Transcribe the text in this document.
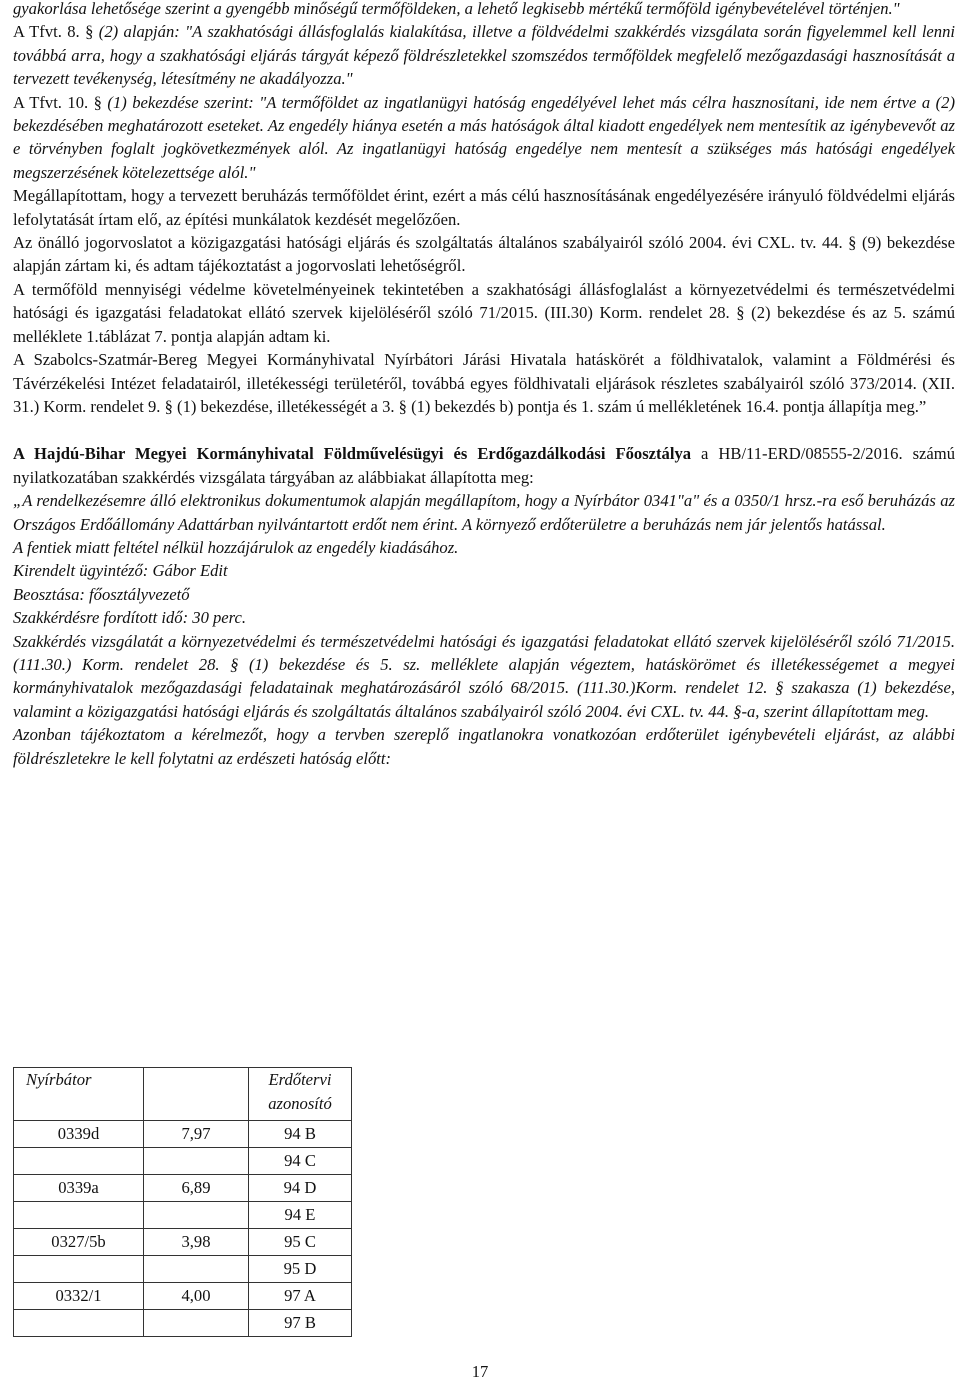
gyakorlása lehetősége szerint a gyengébb minőségű termőföldeken, a lehető legkisebb mértékű termőföld igénybevételével történjen."

A Tfvt. 8. § (2) alapján: "A szakhatósági állásfoglalás kialakítása, illetve a földvédelmi szakkérdés vizsgálata során figyelemmel kell lenni továbbá arra, hogy a szakhatósági eljárás tárgyát képező földrészletekkel szomszédos termőföldek megfelelő mezőgazdasági hasznosítását a tervezett tevékenység, létesítmény ne akadályozza."

A Tfvt. 10. § (1) bekezdése szerint: "A termőföldet az ingatlanügyi hatóság engedélyével lehet más célra hasznosítani, ide nem értve a (2) bekezdésében meghatározott eseteket. Az engedély hiánya esetén a más hatóságok által kiadott engedélyek nem mentesítik az igénybevevőt az e törvényben foglalt jogkövetkezmények alól. Az ingatlanügyi hatóság engedélye nem mentesít a szükséges más hatósági engedélyek megszerzésének kötelezettsége alól."

Megállapítottam, hogy a tervezett beruházás termőföldet érint, ezért a más célú hasznosításának engedélyezésére irányuló földvédelmi eljárás lefolytatását írtam elő, az építési munkálatok kezdését megelőzően.

Az önálló jogorvoslatot a közigazgatási hatósági eljárás és szolgáltatás általános szabályairól szóló 2004. évi CXL. tv. 44. § (9) bekezdése alapján zártam ki, és adtam tájékoztatást a jogorvoslati lehetőségről.

A termőföld mennyiségi védelme követelményeinek tekintetében a szakhatósági állásfoglalást a környezetvédelmi és természetvédelmi hatósági és igazgatási feladatokat ellátó szervek kijelöléséről szóló 71/2015. (III.30) Korm. rendelet 28. § (2) bekezdése és az 5. számú melléklete 1.táblázat 7. pontja alapján adtam ki.

A Szabolcs-Szatmár-Bereg Megyei Kormányhivatal Nyírbátori Járási Hivatala hatáskörét a földhivatalok, valamint a Földmérési és Távérzékelési Intézet feladatairól, illetékességi területéről, továbbá egyes földhivatali eljárások részletes szabályairól szóló 373/2014. (XII. 31.) Korm. rendelet 9. § (1) bekezdése, illetékességét a 3. § (1) bekezdés b) pontja és 1. szám ú mellékletének 16.4. pontja állapítja meg.”

A Hajdú-Bihar Megyei Kormányhivatal Földművelésügyi és Erdőgazdálkodási Főosztálya a HB/11-ERD/08555-2/2016. számú nyilatkozatában szakkérdés vizsgálata tárgyában az alábbiakat állapította meg:

„A rendelkezésemre álló elektronikus dokumentumok alapján megállapítom, hogy a Nyírbátor 0341"a" és a 0350/1 hrsz.-ra eső beruházás az Országos Erdőállomány Adattárban nyilvántartott erdőt nem érint. A környező erdőterületre a beruházás nem jár jelentős hatással.

A fentiek miatt feltétel nélkül hozzájárulok az engedély kiadásához.

Kirendelt ügyintéző: Gábor Edit

Beosztása: főosztályvezető

Szakkérdésre fordított idő: 30 perc.

Szakkérdés vizsgálatát a környezetvédelmi és természetvédelmi hatósági és igazgatási feladatokat ellátó szervek kijelöléséről szóló 71/2015. (111.30.) Korm. rendelet 28. § (1) bekezdése és 5. sz. melléklete alapján végeztem, hatáskörömet és illetékességemet a megyei kormányhivatalok mezőgazdasági feladatainak meghatározásáról szóló 68/2015. (111.30.)Korm. rendelet 12. § szakasza (1) bekezdése, valamint a közigazgatási hatósági eljárás és szolgáltatás általános szabályairól szóló 2004. évi CXL. tv. 44. §-a, szerint állapítottam meg.

Azonban tájékoztatom a kérelmezőt, hogy a tervben szereplő ingatlanokra vonatkozóan erdőterület igénybevételi eljárást, az alábbi földrészletekre le kell folytatni az erdészeti hatóság előtt:

Nyírbátor		Erdőtervi azonosító
0339d	7,97	94 B
		94 C
0339a	6,89	94 D
		94 E
0327/5b	3,98	95 C
		95 D
0332/1	4,00	97 A
		97 B
17
